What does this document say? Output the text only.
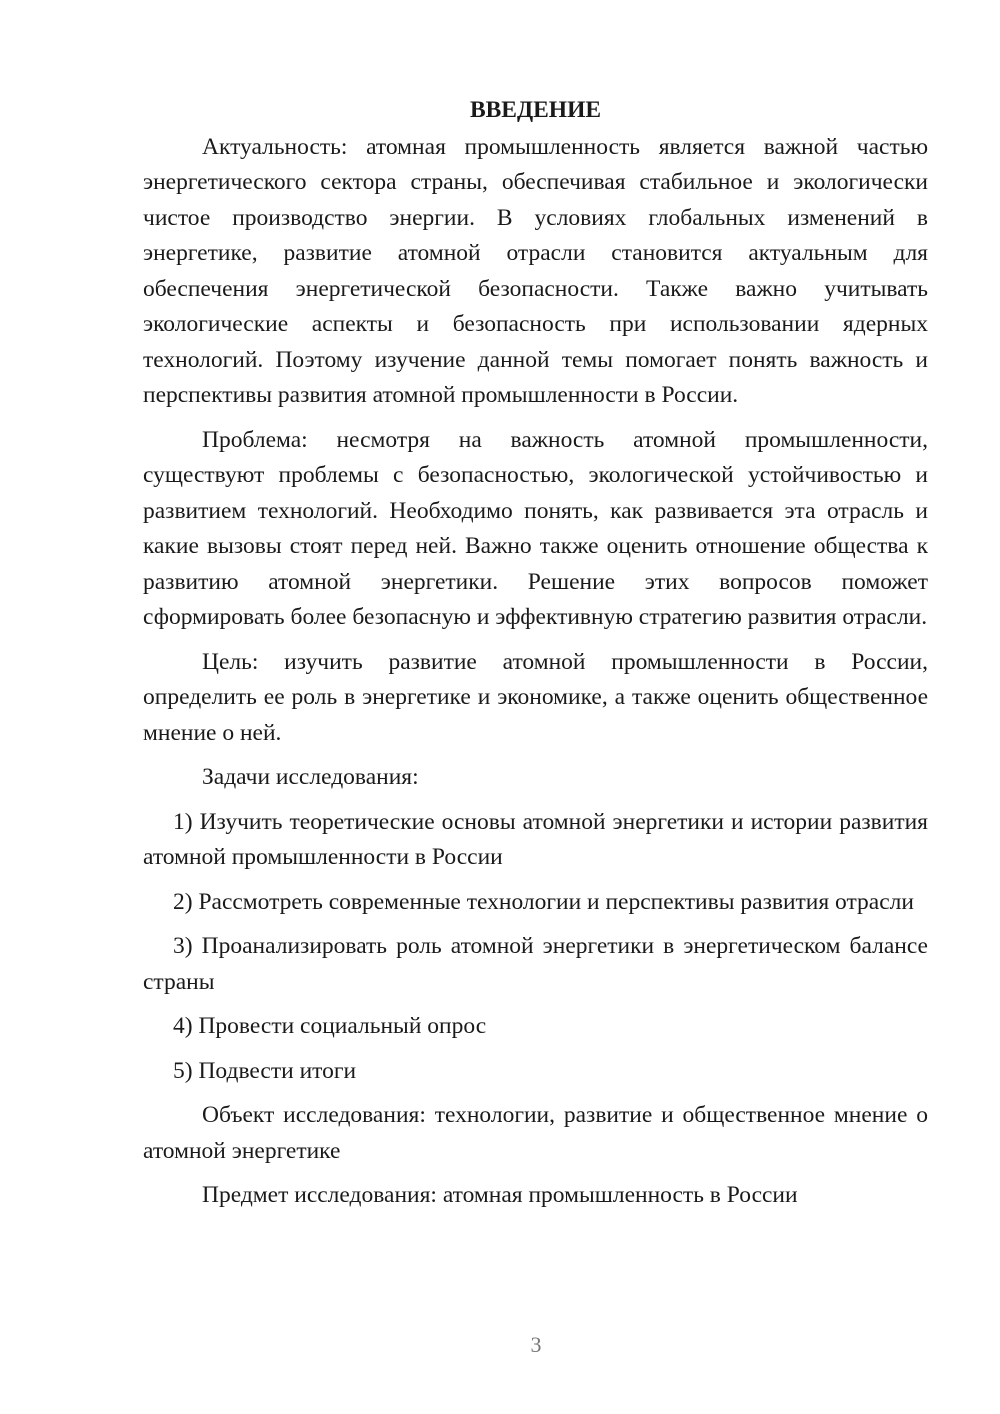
ВВЕДЕНИЕ

Актуальность: атомная промышленность является важной частью энергетического сектора страны, обеспечивая стабильное и экологически чистое производство энергии. В условиях глобальных изменений в энергетике, развитие атомной отрасли становится актуальным для обеспечения энергетической безопасности. Также важно учитывать экологические аспекты и безопасность при использовании ядерных технологий. Поэтому изучение данной темы помогает понять важность и перспективы развития атомной промышленности в России.

Проблема: несмотря на важность атомной промышленности, существуют проблемы с безопасностью, экологической устойчивостью и развитием технологий. Необходимо понять, как развивается эта отрасль и какие вызовы стоят перед ней. Важно также оценить отношение общества к развитию атомной энергетики. Решение этих вопросов поможет сформировать более безопасную и эффективную стратегию развития отрасли.

Цель: изучить развитие атомной промышленности в России, определить ее роль в энергетике и экономике, а также оценить общественное мнение о ней.

Задачи исследования:

1) Изучить теоретические основы атомной энергетики и истории развития атомной промышленности в России

2) Рассмотреть современные технологии и перспективы развития отрасли

3) Проанализировать роль атомной энергетики в энергетическом балансе страны

4) Провести социальный опрос

5) Подвести итоги

Объект исследования: технологии, развитие и общественное мнение о атомной энергетике

Предмет исследования: атомная промышленность в России

3
